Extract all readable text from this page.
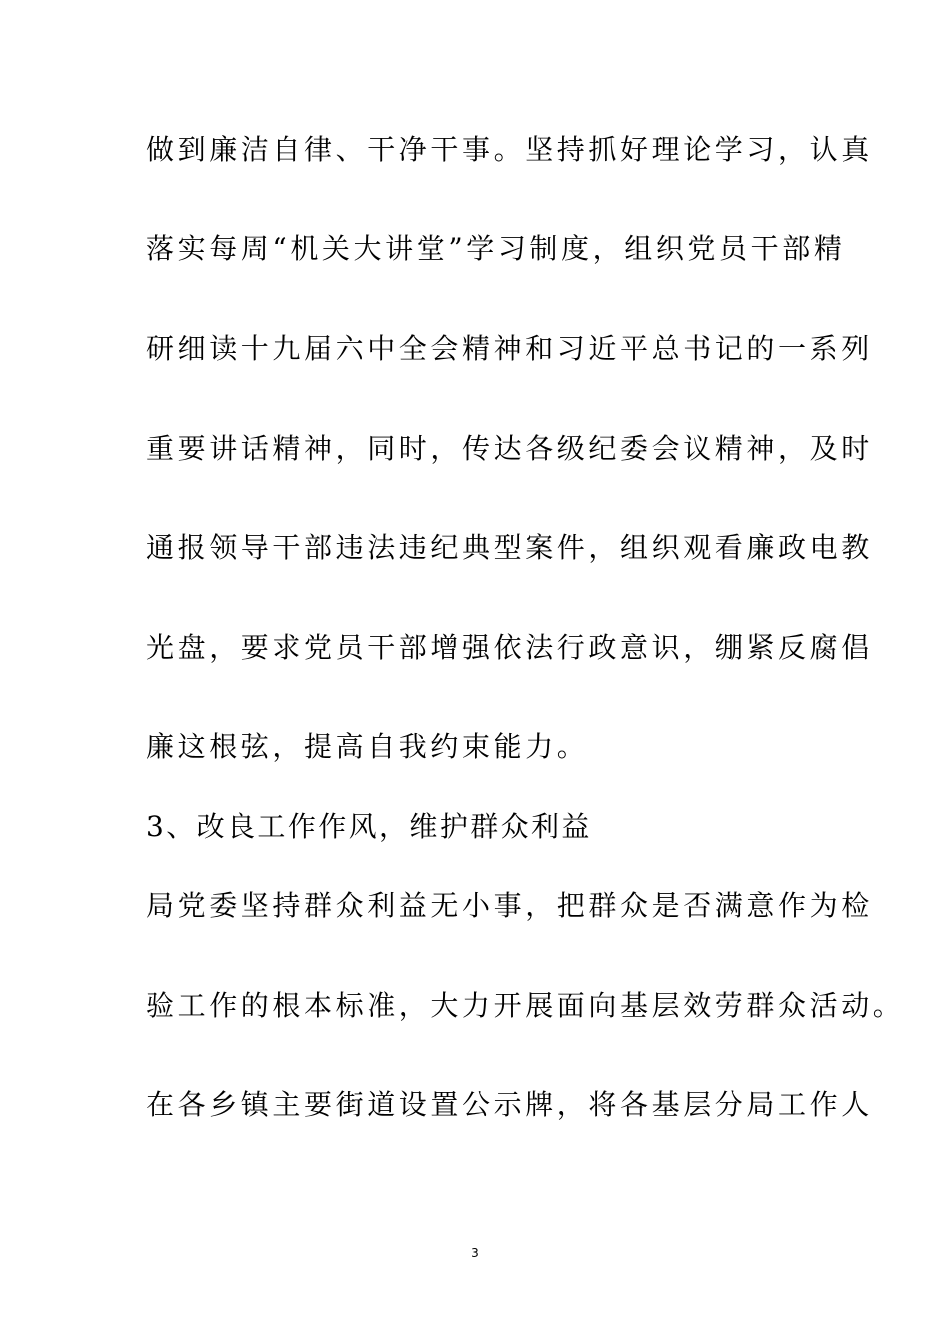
做到廉洁自律、干净干事。坚持抓好理论学习，认真
落实每周“机关大讲堂”学习制度，组织党员干部精
研细读十九届六中全会精神和习近平总书记的一系列
重要讲话精神，同时，传达各级纪委会议精神，及时
通报领导干部违法违纪典型案件，组织观看廉政电教
光盘，要求党员干部增强依法行政意识，绷紧反腐倡
廉这根弦，提高自我约束能力。
3、改良工作作风，维护群众利益
局党委坚持群众利益无小事，把群众是否满意作为检
验工作的根本标准，大力开展面向基层效劳群众活动。
在各乡镇主要街道设置公示牌，将各基层分局工作人
3
